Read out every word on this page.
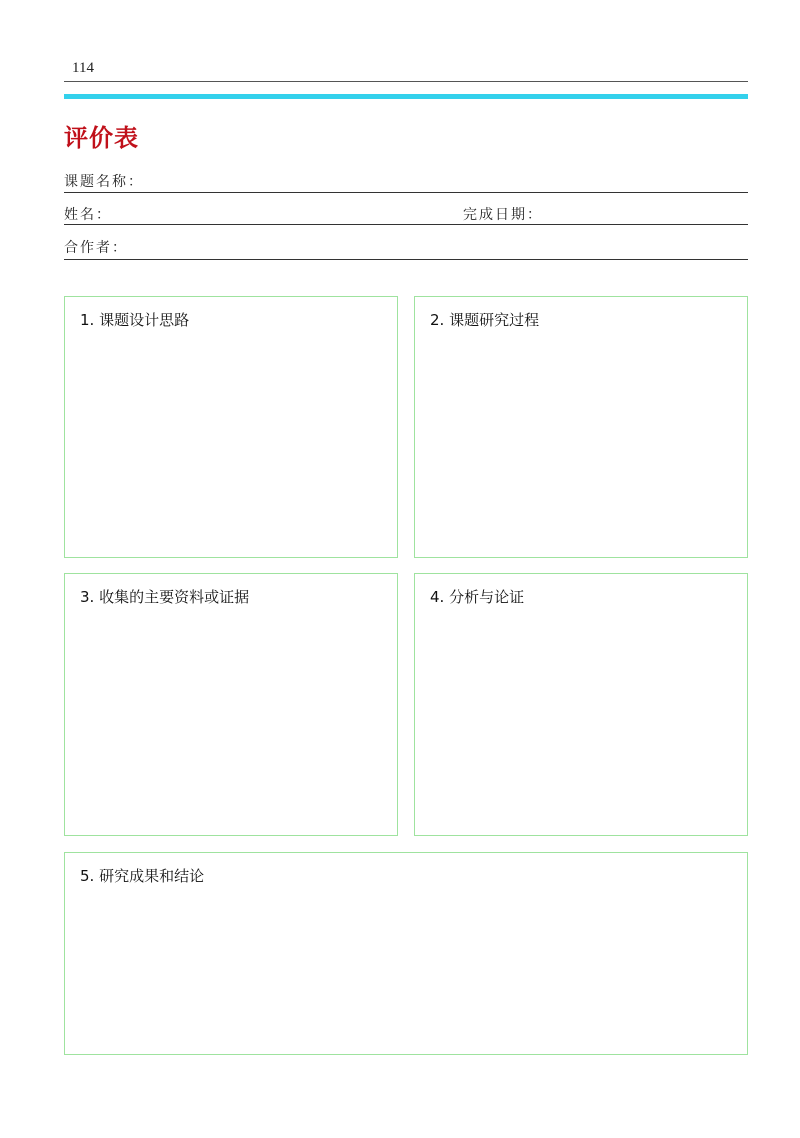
114
评价表
课题名称：
姓名：	完成日期：
合作者：
1. 课题设计思路	2. 课题研究过程
3. 收集的主要资料或证据	4. 分析与论证
5. 研究成果和结论
